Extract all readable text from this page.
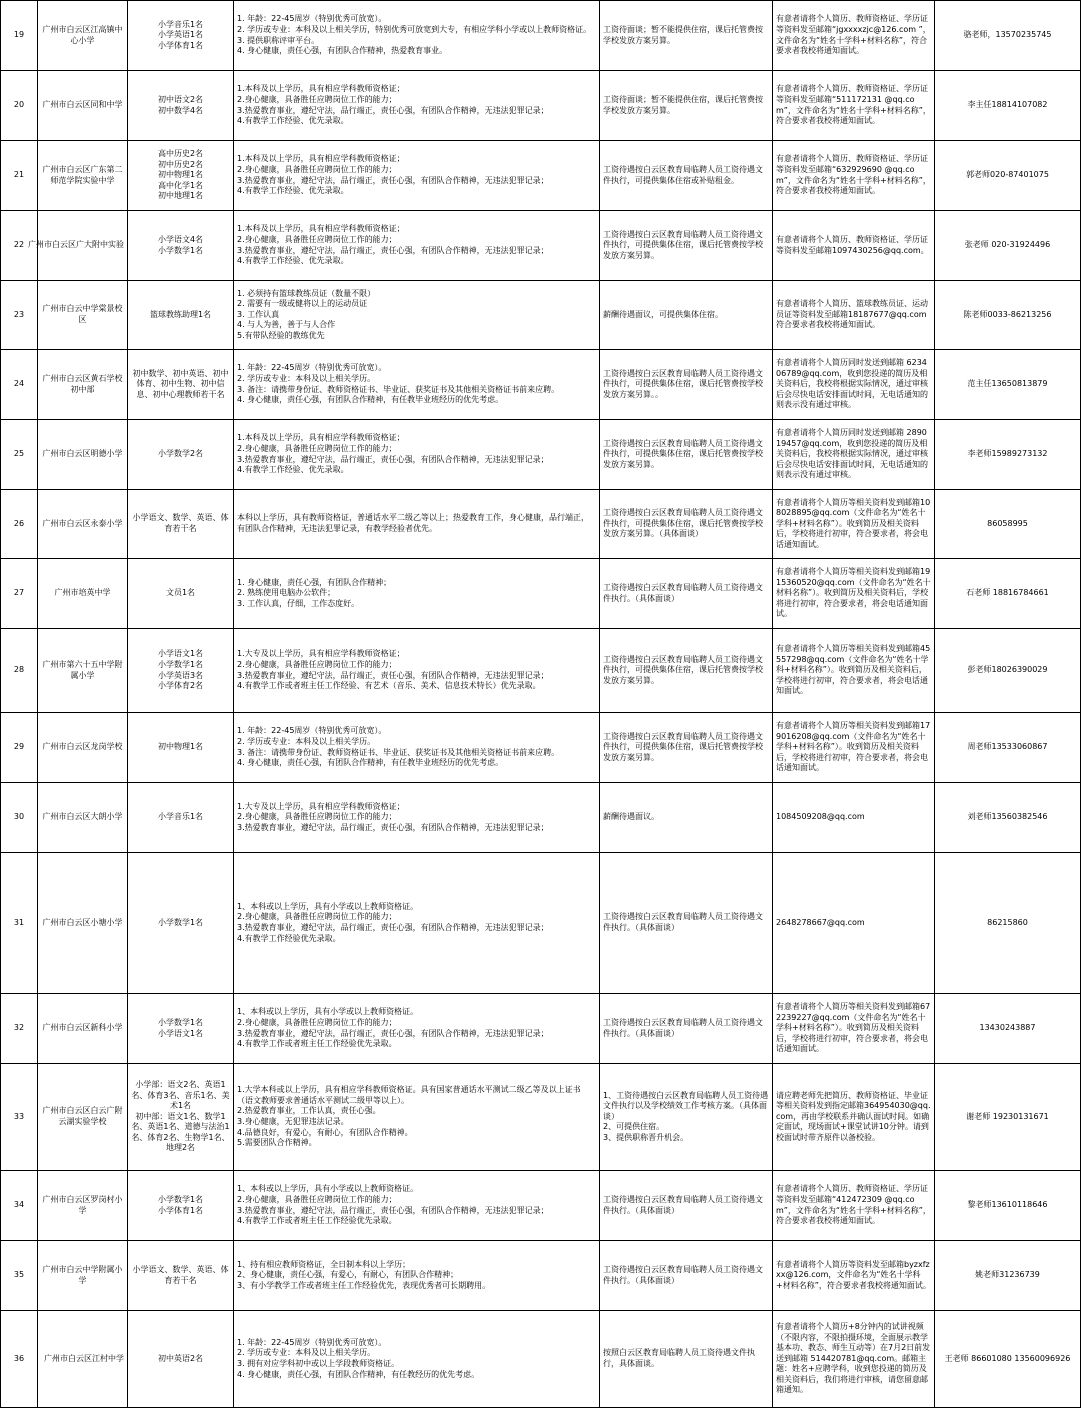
19	广州市白云区江高镇中心小学	小学音乐1名
小学英语1名
小学体育1名	1. 年龄：22-45周岁（特别优秀可放宽）。
2. 学历或专业：本科及以上相关学历，特别优秀可放宽到大专，有相应学科小学或以上教师资格证。
3. 提供职称评审平台。
4. 身心健康，责任心强，有团队合作精神，热爱教育事业。	工资待面谈；暂不能提供住宿，课后托管费按学校发放方案另算。	有意者请将个人简历、教师资格证、学历证等资料发至邮箱“jgxxxxzjc@126.com ”，文件命名为“姓名十学科+材料名称”，符合要求者我校将通知面试。	骆老师，13570235745
20	广州市白云区同和中学	初中语文2名
初中数学4名	1.本科及以上学历，具有相应学科教师资格证；
2.身心健康，具备胜任应聘岗位工作的能力；
3.热爱教育事业，遵纪守法，品行端正，责任心强，有团队合作精神，无违法犯罪记录；
4.有教学工作经验、优先录取。	工资待面谈；暂不能提供住宿，课后托管费按学校发放方案另算。	有意者请将个人简历、教师资格证、学历证等资料发至邮箱“511172131 @qq.com”，文件命名为“姓名十学科+材料名称”，符合要求者我校将通知面试。	李主任18814107082
21	广州市白云区广东第二师范学院实验中学	高中历史2名
初中历史2名
初中物理1名
高中化学1名
初中地理1名	1.本科及以上学历，具有相应学科教师资格证；
2.身心健康，具备胜任应聘岗位工作的能力；
3.热爱教育事业，遵纪守法，品行端正，责任心强，有团队合作精神，无违法犯罪记录；
4.有教学工作经验、优先录取。	工资待遇按白云区教育局临聘人员工资待遇文件执行，可提供集体住宿或补贴租金。	有意者请将个人简历、教师资格证、学历证等资料发至邮箱“632929690 @qq.com”，文件命名为“姓名十学科+材料名称”，符合要求者我校将通知面试。	郭老师020-87401075
22	广州市白云区广大附中实验	小学语文4名
小学数学1名	1.本科及以上学历，具有相应学科教师资格证；
2.身心健康，具备胜任应聘岗位工作的能力；
3.热爱教育事业，遵纪守法，品行端正，责任心强，有团队合作精神，无违法犯罪记录；
4.有教学工作经验、优先录取。	工资待遇按白云区教育局临聘人员工资待遇文件执行，可提供集体住宿，课后托管费按学校发放方案另算。	有意者请将个人简历、教师资格证、学历证等资料发至邮箱1097430256@qq.com。	张老师 020-31924496
23	广州市白云中学棠景校区	篮球教练助理1名	1. 必须持有篮球教练员证（数量不限）
2. 需要有一级或健将以上的运动员证
3. 工作认真
4. 与人为善，善于与人合作
5.有带队经验的教练优先	薪酬待遇面议，可提供集体住宿。	有意者请将个人简历、篮球教练员证、运动员证等资料发至邮箱18187677@qq.com 符合要求者我校将通知面试。	陈老师0033-86213256
24	广州市白云区黄石学校初中部	初中数学、初中英语、初中体育、初中生物、初中信息、初中心理教师若干名	1. 年龄：22-45周岁（特别优秀可放宽）。
2. 学历或专业：本科及以上相关学历。
3. 备注：请携带身份证、教师资格证书、毕业证、获奖证书及其他相关资格证书前来应聘。
4. 身心健康，责任心强，有团队合作精神，有任教毕业班经历的优先考虑。	工资待遇按白云区教育局临聘人员工资待遇文件执行，可提供集体住宿，课后托管费按学校发放方案另算。。	有意者请将个人简历同时发送到邮箱 623406789@qq.com，收到您投递的简历及相关资料后，我校将根据实际情况，通过审核后会尽快电话安排面试时间，无电话通知的则表示没有通过审核。	范主任13650813879
25	广州市白云区明德小学	小学数学2名	1.本科及以上学历，具有相应学科教师资格证；
2.身心健康，具备胜任应聘岗位工作的能力；
3.热爱教育事业，遵纪守法，品行端正，责任心强，有团队合作精神，无违法犯罪记录；
4.有教学工作经验、优先录取。	工资待遇按白云区教育局临聘人员工资待遇文件执行，可提供集体住宿，课后托管费按学校发放方案另算。	有意者请将个人简历同时发送到邮箱 289019457@qq.com，收到您投递的简历及相关资料后，我校将根据实际情况，通过审核后会尽快电话安排面试时间，无电话通知的则表示没有通过审核。	李老师15989273132
26	广州市白云区永泰小学	小学语文、数学、英语、体育若干名	本科以上学历，具有教师资格证，普通话水平二级乙等以上；热爱教育工作，身心健康，品行端正，有团队合作精神，无违法犯罪记录，有教学经验者优先。	工资待遇按白云区教育局临聘人员工资待遇文件执行，可提供集体住宿，课后托管费按学校发放方案另算。（具体面谈）	有意者请将个人简历等相关资料发到邮箱108028895@qq.com（文件命名为“姓名十学科+材料名称”）。收到简历及相关资料后，学校将进行初审，符合要求者，将会电话通知面试。	86058995
27	广州市培英中学	文员1名	1. 身心健康，责任心强，有团队合作精神；
2. 熟练使用电脑办公软件；
3. 工作认真，仔细，工作态度好。	工资待遇按白云区教育局临聘人员工资待遇文件执行。（具体面谈）	有意者请将个人简历等相关资料发到邮箱1915360520@qq.com（文件命名为“姓名十材料名称”）。收到简历及相关资料后，学校将进行初审，符合要求者，将会电话通知面试。	石老师 18816784661
28	广州市第六十五中学附属小学	小学语文1名
小学数学1名
小学英语3名
小学体育2名	1.大专及以上学历，具有相应学科教师资格证；
2.身心健康，具备胜任应聘岗位工作的能力；
3.热爱教育事业，遵纪守法，品行端正，责任心强，有团队合作精神，无违法犯罪记录；
4.有教学工作或者班主任工作经验、有艺术（音乐、美术、信息技术特长）优先录取。	工资待遇按白云区教育局临聘人员工资待遇文件执行，可提供集体住宿，课后托管费按学校发放方案另算。	有意者请将个人简历等相关资料发到邮箱45557298@qq.com（文件命名为“姓名十学科+材料名称”）。收到简历及相关资料后，学校将进行初审，符合要求者，将会电话通知面试。	彭老师18026390029
29	广州市白云区龙岗学校	初中物理1名	1. 年龄：22-45周岁（特别优秀可放宽）。
2. 学历或专业：本科及以上相关学历。
3. 备注：请携带身份证、教师资格证书、毕业证、获奖证书及其他相关资格证书前来应聘。
4. 身心健康，责任心强，有团队合作精神，有任教毕业班经历的优先考虑。	工资待遇按白云区教育局临聘人员工资待遇文件执行，可提供集体住宿，课后托管费按学校发放方案另算。	有意者请将个人简历等相关资料发到邮箱179016208@qq.com（文件命名为“姓名十学科+材料名称”）。收到简历及相关资料后，学校将进行初审，符合要求者，将会电话通知面试。	周老师13533060867
30	广州市白云区大朗小学	小学音乐1名	1.大专及以上学历，具有相应学科教师资格证；
2.身心健康，具备胜任应聘岗位工作的能力；
3.热爱教育事业，遵纪守法，品行端正，责任心强，有团队合作精神，无违法犯罪记录；	薪酬待遇面议。	1084509208@qq.com	刘老师13560382546
31	广州市白云区小塘小学	小学数学1名	1、本科或以上学历，具有小学或以上教师资格证。
2.身心健康，具备胜任应聘岗位工作的能力；
3.热爱教育事业，遵纪守法，品行端正，责任心强，有团队合作精神，无违法犯罪记录；
4.有教学工作经验优先录取。	工资待遇按白云区教育局临聘人员工资待遇文件执行。（具体面谈）	2648278667@qq.com	86215860
32	广州市白云区新科小学	小学数学1名
小学语文1名	1、本科或以上学历，具有小学或以上教师资格证。
2.身心健康，具备胜任应聘岗位工作的能力；
3.热爱教育事业，遵纪守法，品行端正，责任心强，有团队合作精神，无违法犯罪记录；
4.有教学工作或者班主任工作经验优先录取。	工资待遇按白云区教育局临聘人员工资待遇文件执行。（具体面谈）	有意者请将个人简历等相关资料发到邮箱672239227@qq.com（文件命名为“姓名十学科+材料名称”）。收到简历及相关资料后，学校将进行初审，符合要求者，将会电话通知面试。	13430243887
33	广州市白云区白云广附云湖实验学校	小学部：语文2名、英语1名、体育3名、音乐1名、美术1名
初中部：语文1名、数学1名、英语1名、道德与法治1名、体育2名、生物学1名、地理2名	1.大学本科或以上学历，具有相应学科教师资格证。具有国家普通话水平测试二级乙等及以上证书（语文教师要求普通话水平测试二级甲等以上）。
2.热爱教育事业，工作认真，责任心强。
3.身心健康，无犯罪违法记录。
4.品德良好，有爱心，有耐心，有团队合作精神。
5.需要团队合作精神。	1、工资待遇按白云区教育局临聘人员工资待遇文件执行以及学校绩效工作考核方案。（具体面谈）
2、可提供住宿。
3、提供职称晋升机会。	请应聘老师先把简历、教师资格证、毕业证等相关资料发到指定邮箱364954030@qq.com，再由学校联系并确认面试时间。如确定面试，现场面试+课堂试讲10分钟。请到校面试时带齐原件以备校验。	谢老师 19230131671
34	广州市白云区罗岗村小学	小学数学1名
小学体育1名	1、本科或以上学历，具有小学或以上教师资格证。
2.身心健康，具备胜任应聘岗位工作的能力；
3.热爱教育事业，遵纪守法，品行端正，责任心强，有团队合作精神，无违法犯罪记录；
4.有教学工作或者班主任工作经验优先录取。	工资待遇按白云区教育局临聘人员工资待遇文件执行。（具体面谈）	有意者请将个人简历、教师资格证、学历证等资料发至邮箱“412472309 @qq.com”，文件命名为“姓名十学科+材料名称”，符合要求者我校将通知面试。	黎老师13610118646
35	广州市白云中学附属小学	小学语文、数学、英语、体育若干名	1、持有相应教师资格证，全日制本科以上学历；
2、身心健康，责任心强，有爱心，有耐心，有团队合作精神；
3、有小学教学工作或者班主任工作经验优先，表现优秀者可长期聘用。	工资待遇按白云区教育局临聘人员工资待遇文件执行。（具体面谈）	有意者请将个人简历等资料发至邮箱byzxfzxx@126.com，文件命名为“姓名十学科+材料名称”，符合要求者我校将通知面试。	姚老师31236739
36	广州市白云区江村中学	初中英语2名	1. 年龄：22-45周岁（特别优秀可放宽）。
2. 学历或专业：本科及以上相关学历。
3. 拥有对应学科初中或以上学段教师资格证。
4. 身心健康，责任心强，有团队合作精神，有任教经历的优先考虑。	按照白云区教育局临聘人员工资待遇文件执行，具体面谈。	有意者请将个人简历+8分钟内的试讲视频（不限内容，不限拍摄环境，全面展示教学基本功、教态、师生互动等）在7月2日前发送到邮箱 514420781@qq.com。邮箱主题：姓名+应聘学科，收到您投递的简历及相关资料后，我们将进行审核，请您留意邮箱通知。	王老师 86601080 13560096926
